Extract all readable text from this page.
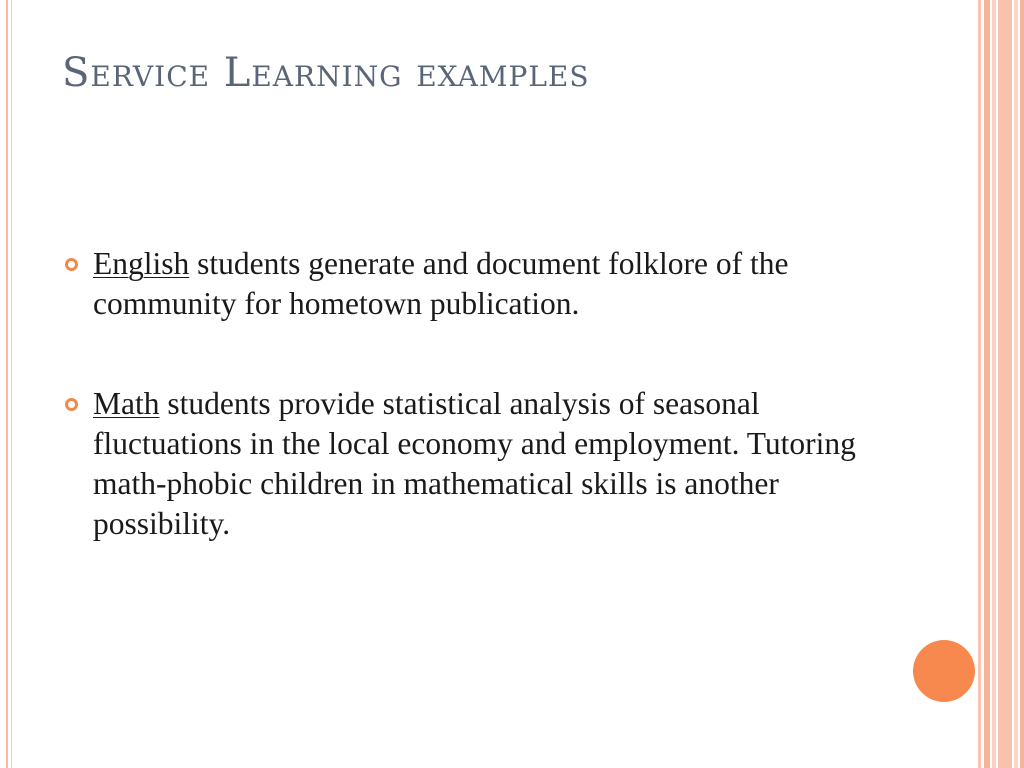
Service Learning examples
English students generate and document folklore of the community for hometown publication.
Math students provide statistical analysis of seasonal fluctuations in the local economy and employment. Tutoring math-phobic children in mathematical skills is another possibility.
